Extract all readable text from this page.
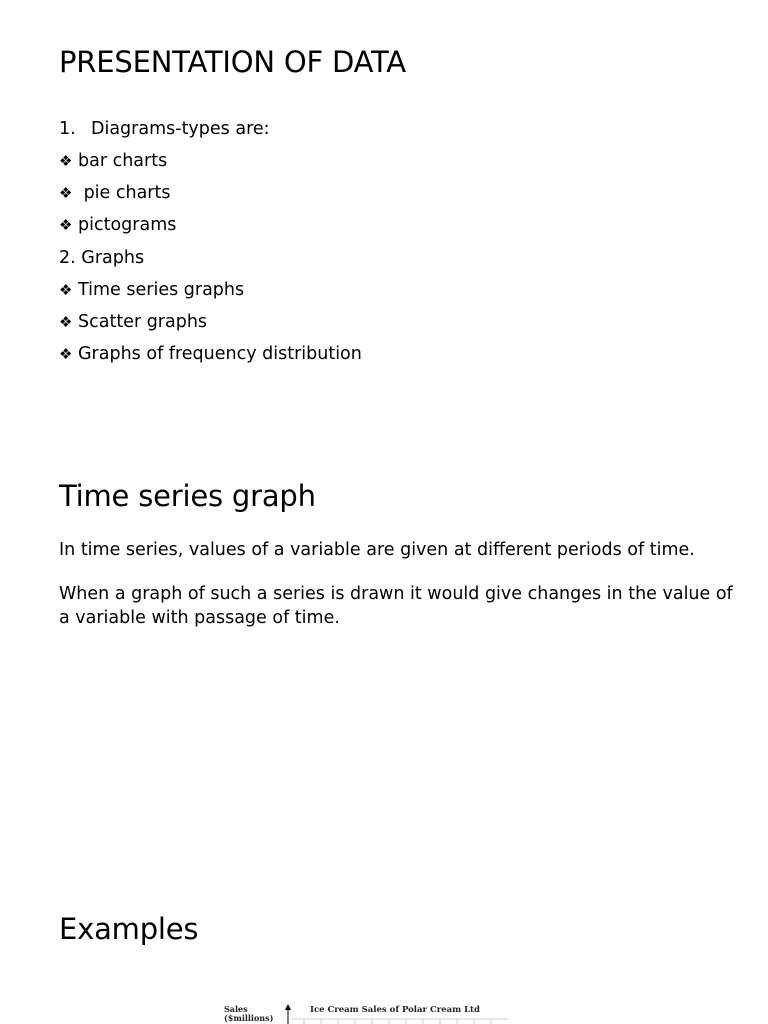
PRESENTATION OF DATA
1. Diagrams-types are:
❖ bar charts
❖ pie charts
❖ pictograms
2. Graphs
❖ Time series graphs
❖ Scatter graphs
❖ Graphs of frequency distribution
Time series graph

In time series, values of a variable are given at different periods of time.

When a graph of such a series is drawn it would give changes in the value of a variable with passage of time.

Examples
Sales ($millions)
Ice Cream Sales of Polar Cream Ltd
